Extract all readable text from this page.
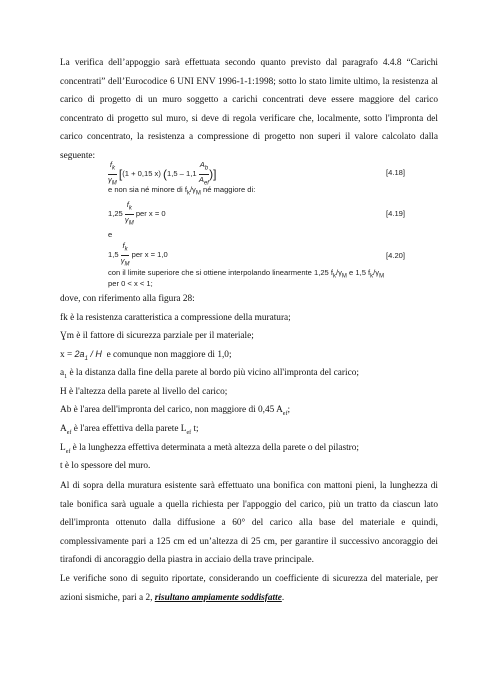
La verifica dell’appoggio sarà effettuata secondo quanto previsto dal paragrafo 4.4.8 “Carichi concentrati” dell’Eurocodice 6 UNI ENV 1996-1-1:1998; sotto lo stato limite ultimo, la resistenza al carico di progetto di un muro soggetto a carichi concentrati deve essere maggiore del carico concentrato di progetto sul muro, si deve di regola verificare che, localmente, sotto l'impronta del carico concentrato, la resistenza a compressione di progetto non superi il valore calcolato dalla seguente:
$\frac{f_k}{\gamma_M} [(1 + 0,15$ x) ($1,5 - 1,1 \frac{A_b}{A_{ef}}$ )]	[4.18]
e non sia né minore di $f_k/\gamma_M$ né maggiore di:
$1,25 \frac{f_k}{\gamma_M}$ per x = 0	[4.19]
e
$1,5 \frac{f_k}{\gamma_M}$ per x = 1,0	[4.20]
con il limite superiore che si ottiene interpolando linearmente 1,25 $f_k/\gamma_M$ e 1,5 $f_k/\gamma_M$
per 0 < x < 1;
dove, con riferimento alla figura 28:
fk è la resistenza caratteristica a compressione della muratura;
Ɣm è il fattore di sicurezza parziale per il materiale;
$x = 2a_1 / H$ e comunque non maggiore di 1,0;
$a_1$ è la distanza dalla fine della parete al bordo più vicino all'impronta del carico;
H è l'altezza della parete al livello del carico;
Ab è l'area dell'impronta del carico, non maggiore di 0,45 $A_{ef}$;
$A_{ef}$ è l'area effettiva della parete $L_{ef}$ t;
$L_{ef}$ è la lunghezza effettiva determinata a metà altezza della parete o del pilastro;
t è lo spessore del muro.
Al di sopra della muratura esistente sarà effettuato una bonifica con mattoni pieni, la lunghezza di tale bonifica sarà uguale a quella richiesta per l'appoggio del carico, più un tratto da ciascun lato dell'impronta ottenuto dalla diffusione a 60° del carico alla base del materiale e quindi, complessivamente pari a 125 cm ed un’altezza di 25 cm, per garantire il successivo ancoraggio dei tirafondi di ancoraggio della piastra in acciaio della trave principale.
Le verifiche sono di seguito riportate, considerando un coefficiente di sicurezza del materiale, per azioni sismiche, pari a 2, risultano ampiamente soddisfatte.
